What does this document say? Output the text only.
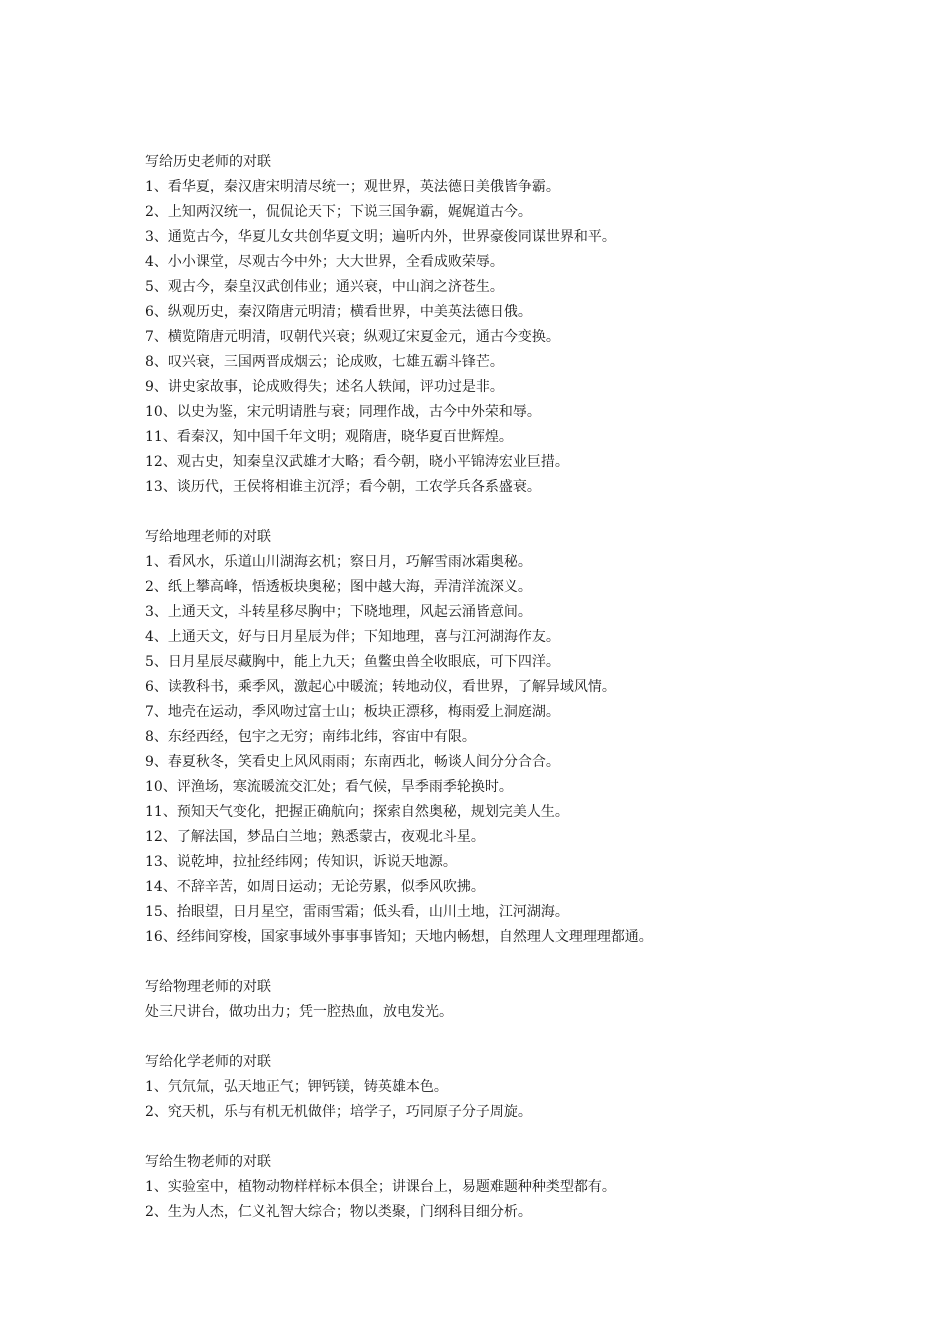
写给历史老师的对联
1、看华夏，秦汉唐宋明清尽统一；观世界，英法德日美俄皆争霸。
2、上知两汉统一，侃侃论天下；下说三国争霸，娓娓道古今。
3、通览古今，华夏儿女共创华夏文明；遍听内外，世界豪俊同谋世界和平。
4、小小课堂，尽观古今中外；大大世界，全看成败荣辱。
5、观古今，秦皇汉武创伟业；通兴衰，中山润之济苍生。
6、纵观历史，秦汉隋唐元明清；横看世界，中美英法德日俄。
7、横览隋唐元明清，叹朝代兴衰；纵观辽宋夏金元，通古今变换。
8、叹兴衰，三国两晋成烟云；论成败，七雄五霸斗锋芒。
9、讲史家故事，论成败得失；述名人轶闻，评功过是非。
10、以史为鉴，宋元明请胜与衰；同理作战，古今中外荣和辱。
11、看秦汉，知中国千年文明；观隋唐，晓华夏百世辉煌。
12、观古史，知秦皇汉武雄才大略；看今朝，晓小平锦涛宏业巨措。
13、谈历代，王侯将相谁主沉浮；看今朝，工农学兵各系盛衰。
写给地理老师的对联
1、看风水，乐道山川湖海玄机；察日月，巧解雪雨冰霜奥秘。
2、纸上攀高峰，悟透板块奥秘；图中越大海，弄清洋流深义。
3、上通天文，斗转星移尽胸中；下晓地理，风起云涌皆意间。
4、上通天文，好与日月星辰为伴；下知地理，喜与江河湖海作友。
5、日月星辰尽藏胸中，能上九天；鱼鳖虫兽全收眼底，可下四洋。
6、读教科书，乘季风，激起心中暖流；转地动仪，看世界，了解异域风情。
7、地壳在运动，季风吻过富士山；板块正漂移，梅雨爱上洞庭湖。
8、东经西经，包宇之无穷；南纬北纬，容宙中有限。
9、春夏秋冬，笑看史上风风雨雨；东南西北，畅谈人间分分合合。
10、评渔场，寒流暖流交汇处；看气候，旱季雨季轮换时。
11、预知天气变化，把握正确航向；探索自然奥秘，规划完美人生。
12、了解法国，梦品白兰地；熟悉蒙古，夜观北斗星。
13、说乾坤，拉扯经纬网；传知识，诉说天地源。
14、不辞辛苦，如周日运动；无论劳累，似季风吹拂。
15、抬眼望，日月星空，雷雨雪霜；低头看，山川土地，江河湖海。
16、经纬间穿梭，国家事域外事事事皆知；天地内畅想，自然理人文理理理都通。
写给物理老师的对联
处三尺讲台，做功出力；凭一腔热血，放电发光。
写给化学老师的对联
1、氕氘氚，弘天地正气；钾钙镁，铸英雄本色。
2、究天机，乐与有机无机做伴；培学子，巧同原子分子周旋。
写给生物老师的对联
1、实验室中，植物动物样样标本俱全；讲课台上，易题难题种种类型都有。
2、生为人杰，仁义礼智大综合；物以类聚，门纲科目细分析。
